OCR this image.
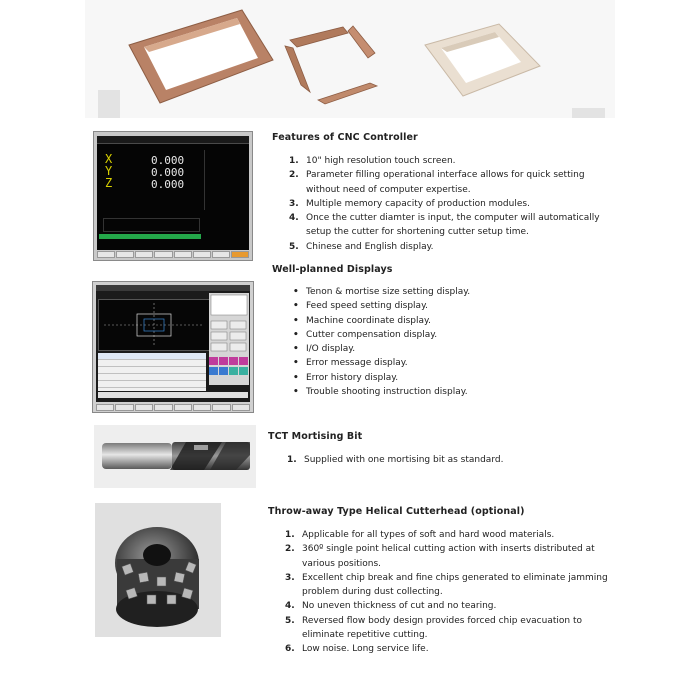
X
Y
Z
0.000
0.000
0.000
Features of CNC Controller
1. 10" high resolution touch screen.
2. Parameter filling operational interface allows for quick setting
without need of computer expertise.
3. Multiple memory capacity of production modules.
4. Once the cutter diamter is input, the computer will automatically
setup the cutter for shortening cutter setup time.
5. Chinese and English display.
Well-planned Displays
• Tenon & mortise size setting display.
• Feed speed setting display.
• Machine coordinate display.
• Cutter compensation display.
• I/O display.
• Error message display.
• Error history display.
• Trouble shooting instruction display.
TCT Mortising Bit
1. Supplied with one mortising bit as standard.
Throw-away Type Helical Cutterhead (optional)
1. Applicable for all types of soft and hard wood materials.
2. 360º single point helical cutting action with inserts distributed at
various positions.
3. Excellent chip break and fine chips generated to eliminate jamming
problem during dust collecting.
4. No uneven thickness of cut and no tearing.
5. Reversed flow body design provides forced chip evacuation to
eliminate repetitive cutting.
6. Low noise. Long service life.
